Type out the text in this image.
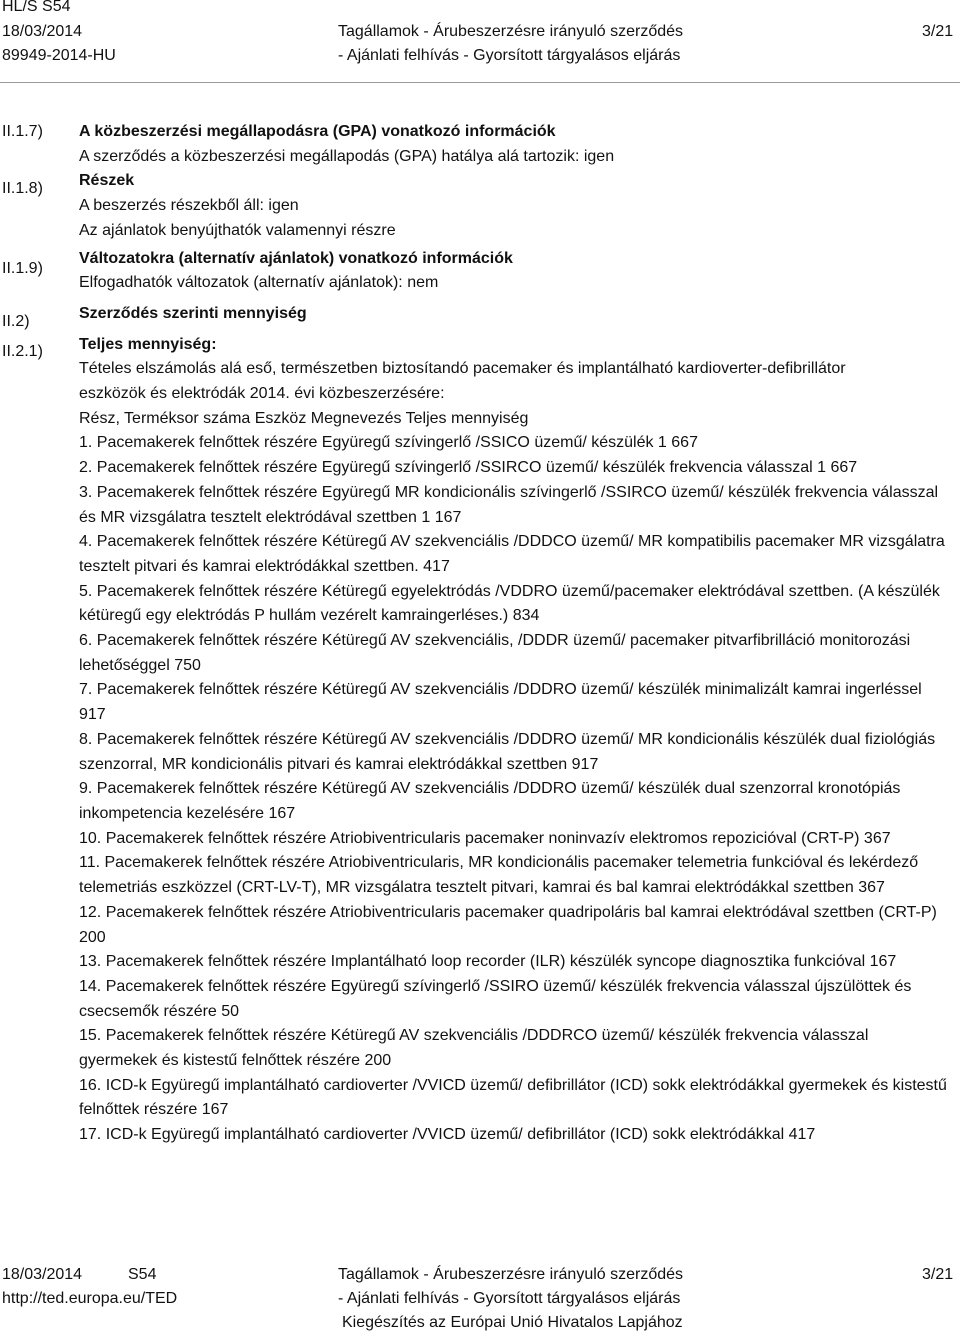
HL/S S54
18/03/2014
89949-2014-HU
Tagállamok - Árubeszerzésre irányuló szerződés
- Ajánlati felhívás - Gyorsított tárgyalásos eljárás
3/21
II.1.7)
II.1.8)
II.1.9)
II.2)
II.2.1)
A közbeszerzési megállapodásra (GPA) vonatkozó információk
A szerződés a közbeszerzési megállapodás (GPA) hatálya alá tartozik: igen
Részek
A beszerzés részekből áll: igen
Az ajánlatok benyújthatók valamennyi részre
Változatokra (alternatív ajánlatok) vonatkozó információk
Elfogadhatók változatok (alternatív ajánlatok): nem
Szerződés szerinti mennyiség
Teljes mennyiség:
Tételes elszámolás alá eső, természetben biztosítandó pacemaker és implantálható kardioverter-defibrillátor
eszközök és elektródák 2014. évi közbeszerzésére:
Rész, Terméksor száma Eszköz Megnevezés Teljes mennyiség
1. Pacemakerek felnőttek részére Együregű szívingerlő /SSICO üzemű/ készülék 1 667
2. Pacemakerek felnőttek részére Együregű szívingerlő /SSIRCO üzemű/ készülék frekvencia válasszal 1 667
3. Pacemakerek felnőttek részére Együregű MR kondicionális szívingerlő /SSIRCO üzemű/ készülék frekvencia válasszal és MR vizsgálatra tesztelt elektródával szettben 1 167
4. Pacemakerek felnőttek részére Kétüregű AV szekvenciális /DDDCO üzemű/ MR kompatibilis pacemaker MR vizsgálatra tesztelt pitvari és kamrai elektródákkal szettben. 417
5. Pacemakerek felnőttek részére Kétüregű egyelektródás /VDDRO üzemű/pacemaker elektródával szettben. (A készülék kétüregű egy elektródás P hullám vezérelt kamraingerléses.) 834
6. Pacemakerek felnőttek részére Kétüregű AV szekvenciális, /DDDR üzemű/ pacemaker pitvarfibrilláció monitorozási lehetőséggel 750
7. Pacemakerek felnőttek részére Kétüregű AV szekvenciális /DDDRO üzemű/ készülék minimalizált kamrai ingerléssel 917
8. Pacemakerek felnőttek részére Kétüregű AV szekvenciális /DDDRO üzemű/ MR kondicionális készülék dual fiziológiás szenzorral, MR kondicionális pitvari és kamrai elektródákkal szettben 917
9. Pacemakerek felnőttek részére Kétüregű AV szekvenciális /DDDRO üzemű/ készülék dual szenzorral kronotópiás inkompetencia kezelésére 167
10. Pacemakerek felnőttek részére Atriobiventricularis pacemaker noninvazív elektromos repozicióval (CRT-P) 367
11. Pacemakerek felnőttek részére Atriobiventricularis, MR kondicionális pacemaker telemetria funkcióval és lekérdező telemetriás eszközzel (CRT-LV-T), MR vizsgálatra tesztelt pitvari, kamrai és bal kamrai elektródákkal szettben 367
12. Pacemakerek felnőttek részére Atriobiventricularis pacemaker quadripoláris bal kamrai elektródával szettben (CRT-P) 200
13. Pacemakerek felnőttek részére Implantálható loop recorder (ILR) készülék syncope diagnosztika funkcióval 167
14. Pacemakerek felnőttek részére Együregű szívingerlő /SSIRO üzemű/ készülék frekvencia válasszal újszülöttek és csecsemők részére 50
15. Pacemakerek felnőttek részére Kétüregű AV szekvenciális /DDDRCO üzemű/ készülék frekvencia válasszal gyermekek és kistestű felnőttek részére 200
16. ICD-k Együregű implantálható cardioverter /VVICD üzemű/ defibrillátor (ICD) sokk elektródákkal gyermekek és kistestű felnőttek részére 167
17. ICD-k Együregű implantálható cardioverter /VVICD üzemű/ defibrillátor (ICD) sokk elektródákkal 417
18/03/2014	S54
http://ted.europa.eu/TED
Tagállamok - Árubeszerzésre irányuló szerződés
- Ajánlati felhívás - Gyorsított tárgyalásos eljárás
Kiegészítés az Európai Unió Hivatalos Lapjához
3/21
